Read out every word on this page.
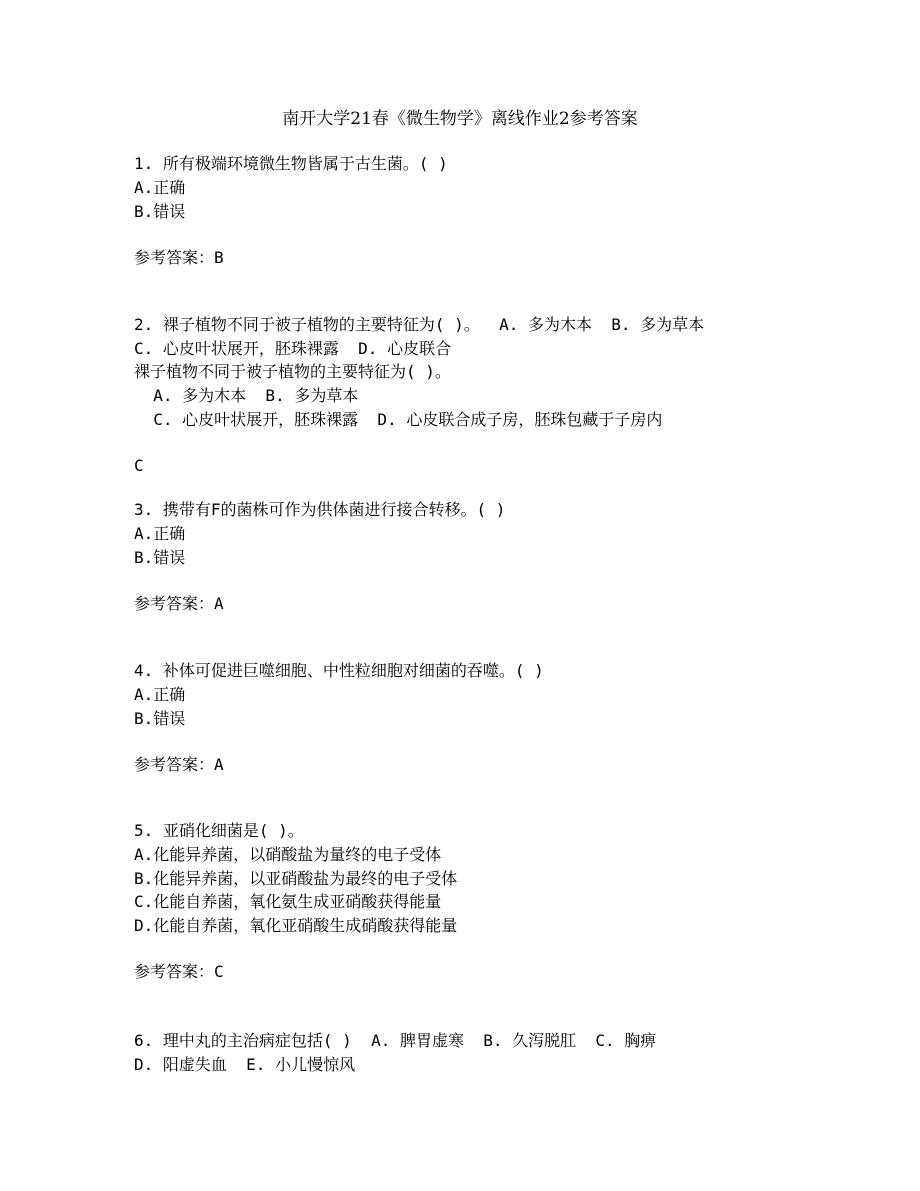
南开大学21春《微生物学》离线作业2参考答案
1. 所有极端环境微生物皆属于古生菌。( )
A.正确
B.错误
参考答案：B
2. 裸子植物不同于被子植物的主要特征为( )。  A. 多为木本  B. 多为草本
C. 心皮叶状展开，胚珠裸露  D. 心皮联合
裸子植物不同于被子植物的主要特征为( )。
A. 多为木本  B. 多为草本
C. 心皮叶状展开，胚珠裸露  D. 心皮联合成子房，胚珠包藏于子房内
C
3. 携带有F的菌株可作为供体菌进行接合转移。( )
A.正确
B.错误
参考答案：A
4. 补体可促进巨噬细胞、中性粒细胞对细菌的吞噬。( )
A.正确
B.错误
参考答案：A
5. 亚硝化细菌是( )。
A.化能异养菌，以硝酸盐为量终的电子受体
B.化能异养菌，以亚硝酸盐为最终的电子受体
C.化能自养菌，氧化氨生成亚硝酸获得能量
D.化能自养菌，氧化亚硝酸生成硝酸获得能量
参考答案：C
6. 理中丸的主治病症包括( )  A. 脾胃虚寒  B. 久泻脱肛  C. 胸痹
D. 阳虚失血  E. 小儿慢惊风
